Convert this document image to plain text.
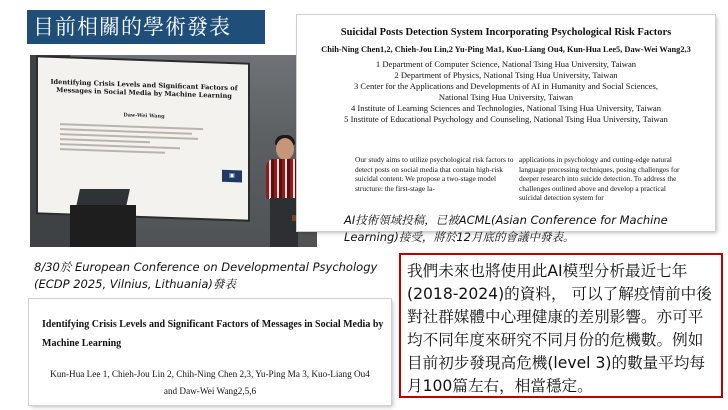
目前相關的學術發表
Identifying Crisis Levels and Significant Factors of Messages in Social Media by Machine Learning
Daw-Wei Wang
▣
Suicidal Posts Detection System Incorporating Psychological Risk Factors
Chih-Ning Chen1,2, Chieh-Jou Lin,2 Yu-Ping Ma1, Kuo-Liang Ou4, Kun-Hua Lee5, Daw-Wei Wang2,3
1 Department of Computer Science, National Tsing Hua University, Taiwan
2 Department of Physics, National Tsing Hua University, Taiwan
3 Center for the Applications and Developments of AI in Humanity and Social Sciences,
National Tsing Hua University, Taiwan
4 Institute of Learning Sciences and Technologies, National Tsing Hua University, Taiwan
5 Institute of Educational Psychology and Counseling, National Tsing Hua University, Taiwan
Our study aims to utilize psychological risk factors to detect posts on social media that contain high-risk suicidal content. We propose a two-stage model structure: the first-stage la-
applications in psychology and cutting-edge natural language processing techniques, posing challenges for deeper research into suicide detection. To address the challenges outlined above and develop a practical suicidal detection system for
AI技術領域投稿，已被ACML(Asian Conference for Machine Learning)接受，將於12月底的會議中發表。
8/30於 European Conference on Developmental Psychology (ECDP 2025, Vilnius, Lithuania)發表
Identifying Crisis Levels and Significant Factors of Messages in Social Media by Machine Learning
Kun-Hua Lee 1, Chieh-Jou Lin 2, Chih-Ning Chen 2,3, Yu-Ping Ma 3, Kuo-Liang Ou4
and Daw-Wei Wang2,5,6
我們未來也將使用此AI模型分析最近七年(2018-2024)的資料， 可以了解疫情前中後對社群媒體中心理健康的差別影響。亦可平均不同年度來研究不同月份的危機數。例如目前初步發現高危機(level 3)的數量平均每月100篇左右，相當穩定。
